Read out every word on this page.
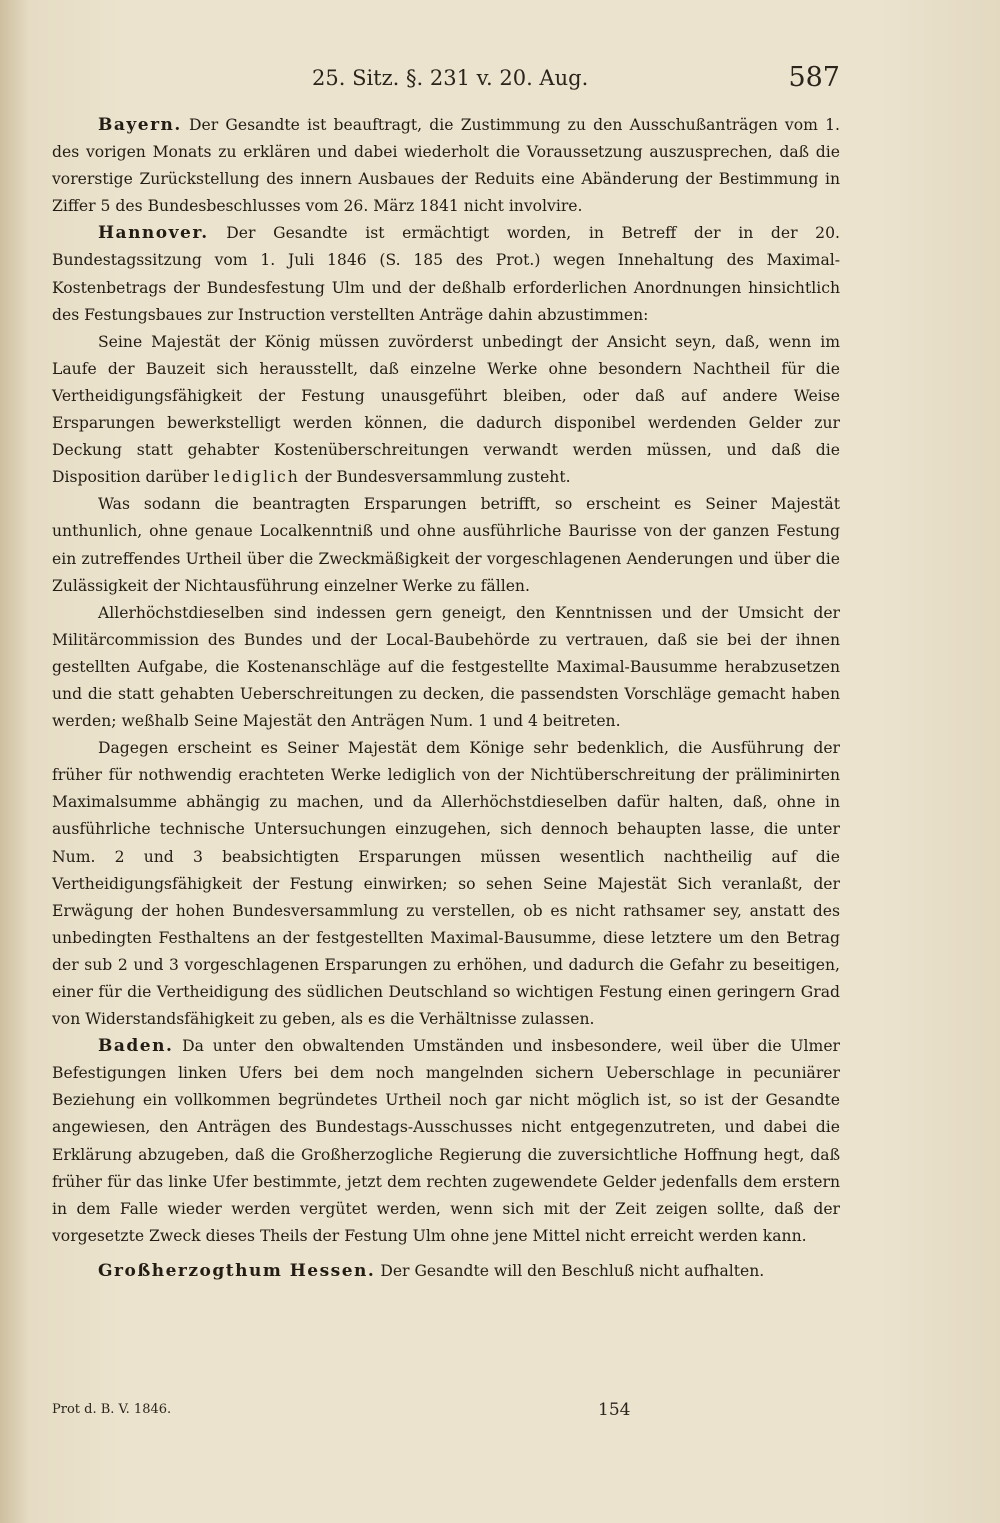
25. Sitz. §. 231 v. 20. Aug.	587

Bayern. Der Gesandte ist beauftragt, die Zustimmung zu den Ausschußanträgen vom 1. des vorigen Monats zu erklären und dabei wiederholt die Voraussetzung auszusprechen, daß die vorerstige Zurückstellung des innern Ausbaues der Reduits eine Abänderung der Bestimmung in Ziffer 5 des Bundesbeschlusses vom 26. März 1841 nicht involvire.

Hannover. Der Gesandte ist ermächtigt worden, in Betreff der in der 20. Bundestagssitzung vom 1. Juli 1846 (S. 185 des Prot.) wegen Innehaltung des Maximal-Kostenbetrags der Bundesfestung Ulm und der deßhalb erforderlichen Anordnungen hinsichtlich des Festungsbaues zur Instruction verstellten Anträge dahin abzustimmen:

Seine Majestät der König müssen zuvörderst unbedingt der Ansicht seyn, daß, wenn im Laufe der Bauzeit sich herausstellt, daß einzelne Werke ohne besondern Nachtheil für die Vertheidigungsfähigkeit der Festung unausgeführt bleiben, oder daß auf andere Weise Ersparungen bewerkstelligt werden können, die dadurch disponibel werdenden Gelder zur Deckung statt gehabter Kostenüberschreitungen verwandt werden müssen, und daß die Disposition darüber lediglich der Bundesversammlung zusteht.

Was sodann die beantragten Ersparungen betrifft, so erscheint es Seiner Majestät unthunlich, ohne genaue Localkenntniß und ohne ausführliche Baurisse von der ganzen Festung ein zutreffendes Urtheil über die Zweckmäßigkeit der vorgeschlagenen Aenderungen und über die Zulässigkeit der Nichtausführung einzelner Werke zu fällen.

Allerhöchstdieselben sind indessen gern geneigt, den Kenntnissen und der Umsicht der Militärcommission des Bundes und der Local-Baubehörde zu vertrauen, daß sie bei der ihnen gestellten Aufgabe, die Kostenanschläge auf die festgestellte Maximal-Bausumme herabzusetzen und die statt gehabten Ueberschreitungen zu decken, die passendsten Vorschläge gemacht haben werden; weßhalb Seine Majestät den Anträgen Num. 1 und 4 beitreten.

Dagegen erscheint es Seiner Majestät dem Könige sehr bedenklich, die Ausführung der früher für nothwendig erachteten Werke lediglich von der Nichtüberschreitung der präliminirten Maximalsumme abhängig zu machen, und da Allerhöchstdieselben dafür halten, daß, ohne in ausführliche technische Untersuchungen einzugehen, sich dennoch behaupten lasse, die unter Num. 2 und 3 beabsichtigten Ersparungen müssen wesentlich nachtheilig auf die Vertheidigungsfähigkeit der Festung einwirken; so sehen Seine Majestät Sich veranlaßt, der Erwägung der hohen Bundesversammlung zu verstellen, ob es nicht rathsamer sey, anstatt des unbedingten Festhaltens an der festgestellten Maximal-Bausumme, diese letztere um den Betrag der sub 2 und 3 vorgeschlagenen Ersparungen zu erhöhen, und dadurch die Gefahr zu beseitigen, einer für die Vertheidigung des südlichen Deutschland so wichtigen Festung einen geringern Grad von Widerstandsfähigkeit zu geben, als es die Verhältnisse zulassen.

Baden. Da unter den obwaltenden Umständen und insbesondere, weil über die Ulmer Befestigungen linken Ufers bei dem noch mangelnden sichern Ueberschlage in pecuniärer Beziehung ein vollkommen begründetes Urtheil noch gar nicht möglich ist, so ist der Gesandte angewiesen, den Anträgen des Bundestags-Ausschusses nicht entgegenzutreten, und dabei die Erklärung abzugeben, daß die Großherzogliche Regierung die zuversichtliche Hoffnung hegt, daß früher für das linke Ufer bestimmte, jetzt dem rechten zugewendete Gelder jedenfalls dem erstern in dem Falle wieder werden vergütet werden, wenn sich mit der Zeit zeigen sollte, daß der vorgesetzte Zweck dieses Theils der Festung Ulm ohne jene Mittel nicht erreicht werden kann.

Großherzogthum Hessen. Der Gesandte will den Beschluß nicht aufhalten.

Prot d. B. V. 1846.	154
